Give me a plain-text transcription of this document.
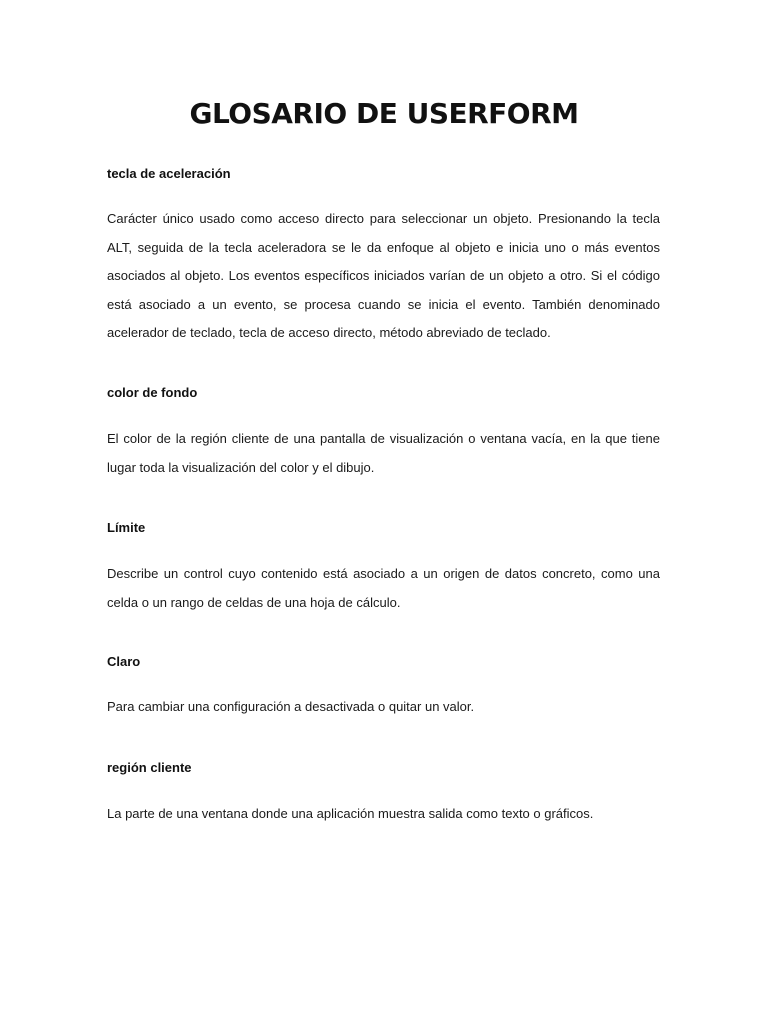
GLOSARIO DE USERFORM

tecla de aceleración

Carácter único usado como acceso directo para seleccionar un objeto. Presionando la tecla ALT, seguida de la tecla aceleradora se le da enfoque al objeto e inicia uno o más eventos asociados al objeto. Los eventos específicos iniciados varían de un objeto a otro. Si el código está asociado a un evento, se procesa cuando se inicia el evento. También denominado acelerador de teclado, tecla de acceso directo, método abreviado de teclado.

color de fondo

El color de la región cliente de una pantalla de visualización o ventana vacía, en la que tiene lugar toda la visualización del color y el dibujo.

Límite

Describe un control cuyo contenido está asociado a un origen de datos concreto, como una celda o un rango de celdas de una hoja de cálculo.

Claro

Para cambiar una configuración a desactivada o quitar un valor.

región cliente

La parte de una ventana donde una aplicación muestra salida como texto o gráficos.
